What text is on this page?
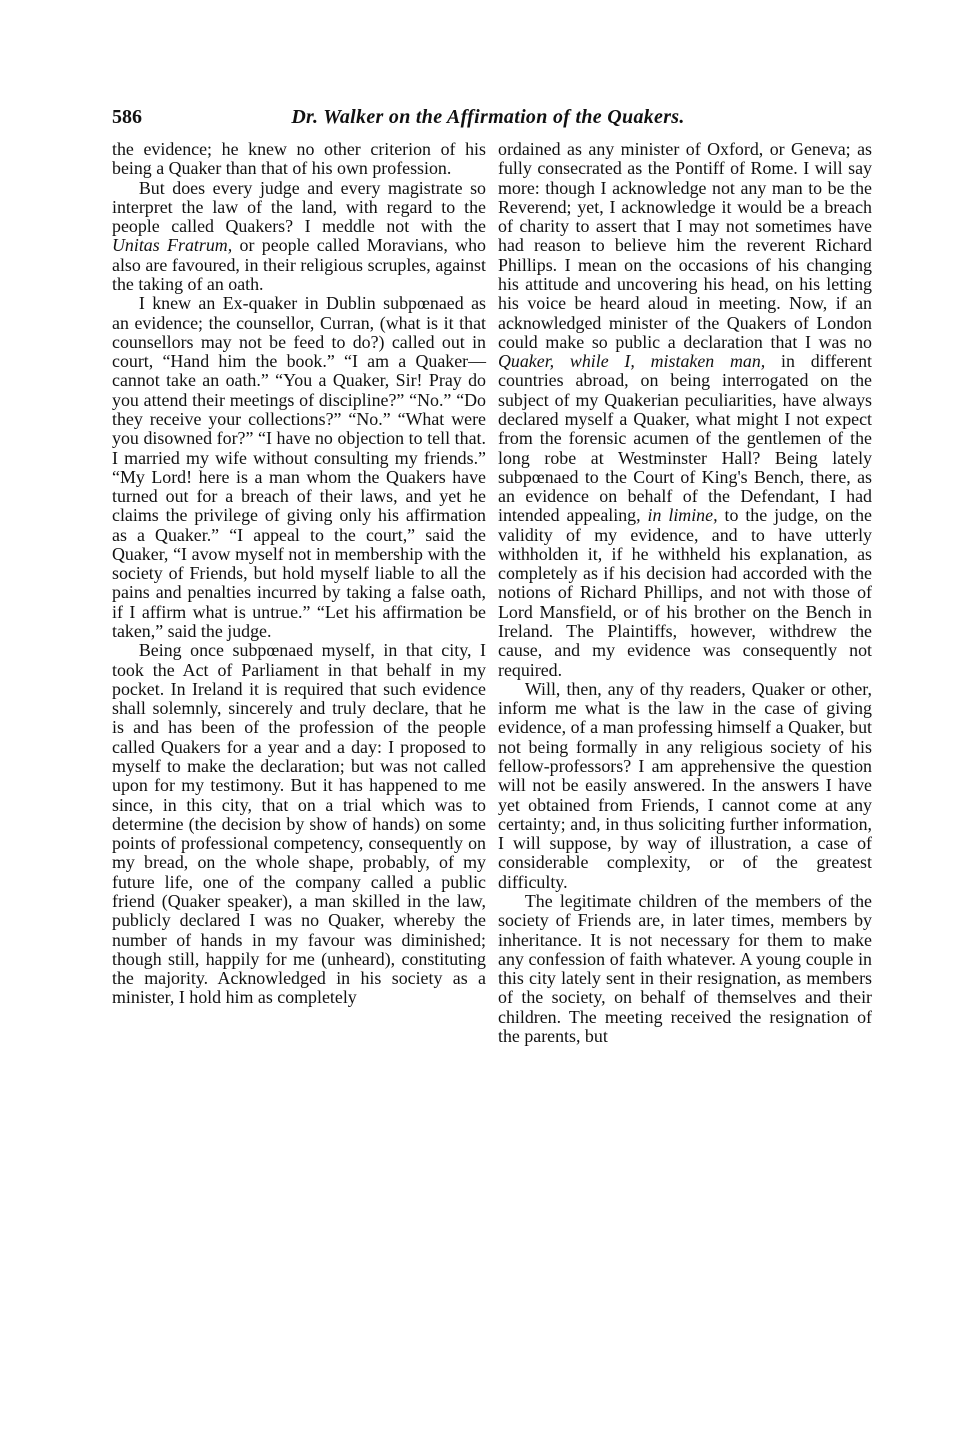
586	Dr. Walker on the Affirmation of the Quakers.

the evidence; he knew no other criterion of his being a Quaker than that of his own profession.

But does every judge and every magistrate so interpret the law of the land, with regard to the people called Quakers? I meddle not with the Unitas Fratrum, or people called Moravians, who also are favoured, in their religious scruples, against the taking of an oath.

I knew an Ex-quaker in Dublin subpœnaed as an evidence; the counsellor, Curran, (what is it that counsellors may not be feed to do?) called out in court, “Hand him the book.” “I am a Quaker—cannot take an oath.” “You a Quaker, Sir! Pray do you attend their meetings of discipline?” “No.” “Do they receive your collections?” “No.” “What were you disowned for?” “I have no objection to tell that. I married my wife without consulting my friends.” “My Lord! here is a man whom the Quakers have turned out for a breach of their laws, and yet he claims the privilege of giving only his affirmation as a Quaker.” “I appeal to the court,” said the Quaker, “I avow myself not in membership with the society of Friends, but hold myself liable to all the pains and penalties incurred by taking a false oath, if I affirm what is untrue.” “Let his affirmation be taken,” said the judge.

Being once subpœnaed myself, in that city, I took the Act of Parliament in that behalf in my pocket. In Ireland it is required that such evidence shall solemnly, sincerely and truly declare, that he is and has been of the profession of the people called Quakers for a year and a day: I proposed to myself to make the declaration; but was not called upon for my testimony. But it has happened to me since, in this city, that on a trial which was to determine (the decision by show of hands) on some points of professional competency, consequently on my bread, on the whole shape, probably, of my future life, one of the company called a public friend (Quaker speaker), a man skilled in the law, publicly declared I was no Quaker, whereby the number of hands in my favour was diminished; though still, happily for me (unheard), constituting the majority. Acknowledged in his society as a minister, I hold him as completely

ordained as any minister of Oxford, or Geneva; as fully consecrated as the Pontiff of Rome. I will say more: though I acknowledge not any man to be the Reverend; yet, I acknowledge it would be a breach of charity to assert that I may not sometimes have had reason to believe him the reverent Richard Phillips. I mean on the occasions of his changing his attitude and uncovering his head, on his letting his voice be heard aloud in meeting. Now, if an acknowledged minister of the Quakers of London could make so public a declaration that I was no Quaker, while I, mistaken man, in different countries abroad, on being interrogated on the subject of my Quakerian peculiarities, have always declared myself a Quaker, what might I not expect from the forensic acumen of the gentlemen of the long robe at Westminster Hall? Being lately subpœnaed to the Court of King's Bench, there, as an evidence on behalf of the Defendant, I had intended appealing, in limine, to the judge, on the validity of my evidence, and to have utterly withholden it, if he withheld his explanation, as completely as if his decision had accorded with the notions of Richard Phillips, and not with those of Lord Mansfield, or of his brother on the Bench in Ireland. The Plaintiffs, however, withdrew the cause, and my evidence was consequently not required.

Will, then, any of thy readers, Quaker or other, inform me what is the law in the case of giving evidence, of a man professing himself a Quaker, but not being formally in any religious society of his fellow-professors? I am apprehensive the question will not be easily answered. In the answers I have yet obtained from Friends, I cannot come at any certainty; and, in thus soliciting further information, I will suppose, by way of illustration, a case of considerable complexity, or of the greatest difficulty.

The legitimate children of the members of the society of Friends are, in later times, members by inheritance. It is not necessary for them to make any confession of faith whatever. A young couple in this city lately sent in their resignation, as members of the society, on behalf of themselves and their children. The meeting received the resignation of the parents, but
